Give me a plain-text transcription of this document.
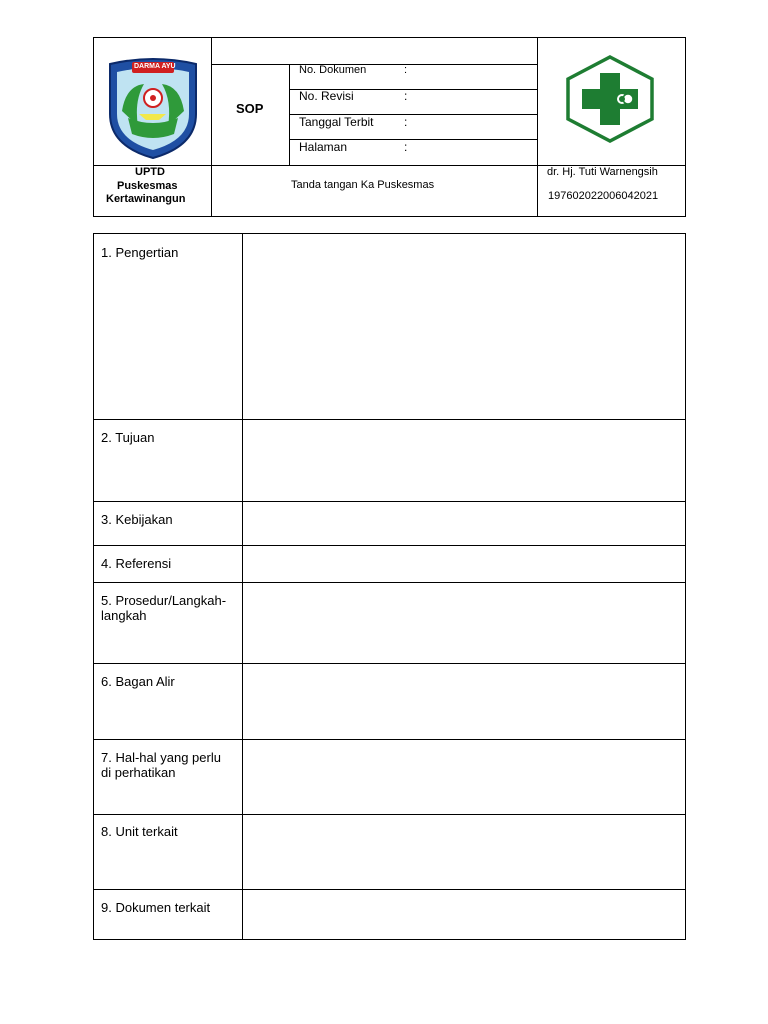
DARMA AYU
SOP
No. Dokumen	:
No. Revisi	:
Tanggal Terbit	:
Halaman	:
UPTD
Puskesmas
Kertawinangun
Tanda tangan Ka Puskesmas
dr. Hj. Tuti Warnengsih
197602022006042021
1. Pengertian
2. Tujuan
3. Kebijakan
4. Referensi
5. Prosedur/Langkah-
langkah
6. Bagan Alir
7. Hal-hal yang perlu
di perhatikan
8. Unit terkait
9. Dokumen terkait
